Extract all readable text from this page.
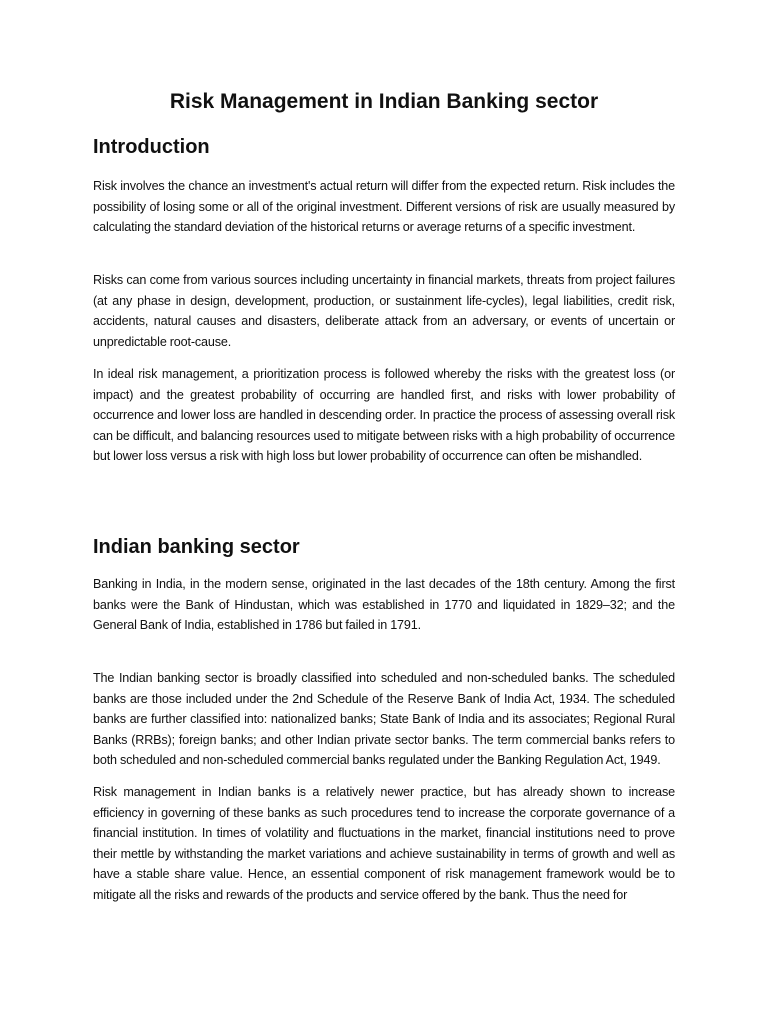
Risk Management in Indian Banking sector
Introduction

Risk involves the chance an investment's actual return will differ from the expected return. Risk includes the possibility of losing some or all of the original investment. Different versions of risk are usually measured by calculating the standard deviation of the historical returns or average returns of a specific investment.

Risks can come from various sources including uncertainty in financial markets, threats from project failures (at any phase in design, development, production, or sustainment life-cycles), legal liabilities, credit risk, accidents, natural causes and disasters, deliberate attack from an adversary, or events of uncertain or unpredictable root-cause.

In ideal risk management, a prioritization process is followed whereby the risks with the greatest loss (or impact) and the greatest probability of occurring are handled first, and risks with lower probability of occurrence and lower loss are handled in descending order. In practice the process of assessing overall risk can be difficult, and balancing resources used to mitigate between risks with a high probability of occurrence but lower loss versus a risk with high loss but lower probability of occurrence can often be mishandled.

Indian banking sector

Banking in India, in the modern sense, originated in the last decades of the 18th century. Among the first banks were the Bank of Hindustan, which was established in 1770 and liquidated in 1829–32; and the General Bank of India, established in 1786 but failed in 1791.

The Indian banking sector is broadly classified into scheduled and non-scheduled banks. The scheduled banks are those included under the 2nd Schedule of the Reserve Bank of India Act, 1934. The scheduled banks are further classified into: nationalized banks; State Bank of India and its associates; Regional Rural Banks (RRBs); foreign banks; and other Indian private sector banks. The term commercial banks refers to both scheduled and non-scheduled commercial banks regulated under the Banking Regulation Act, 1949.

Risk management in Indian banks is a relatively newer practice, but has already shown to increase efficiency in governing of these banks as such procedures tend to increase the corporate governance of a financial institution. In times of volatility and fluctuations in the market, financial institutions need to prove their mettle by withstanding the market variations and achieve sustainability in terms of growth and well as have a stable share value. Hence, an essential component of risk management framework would be to mitigate all the risks and rewards of the products and service offered by the bank. Thus the need for
